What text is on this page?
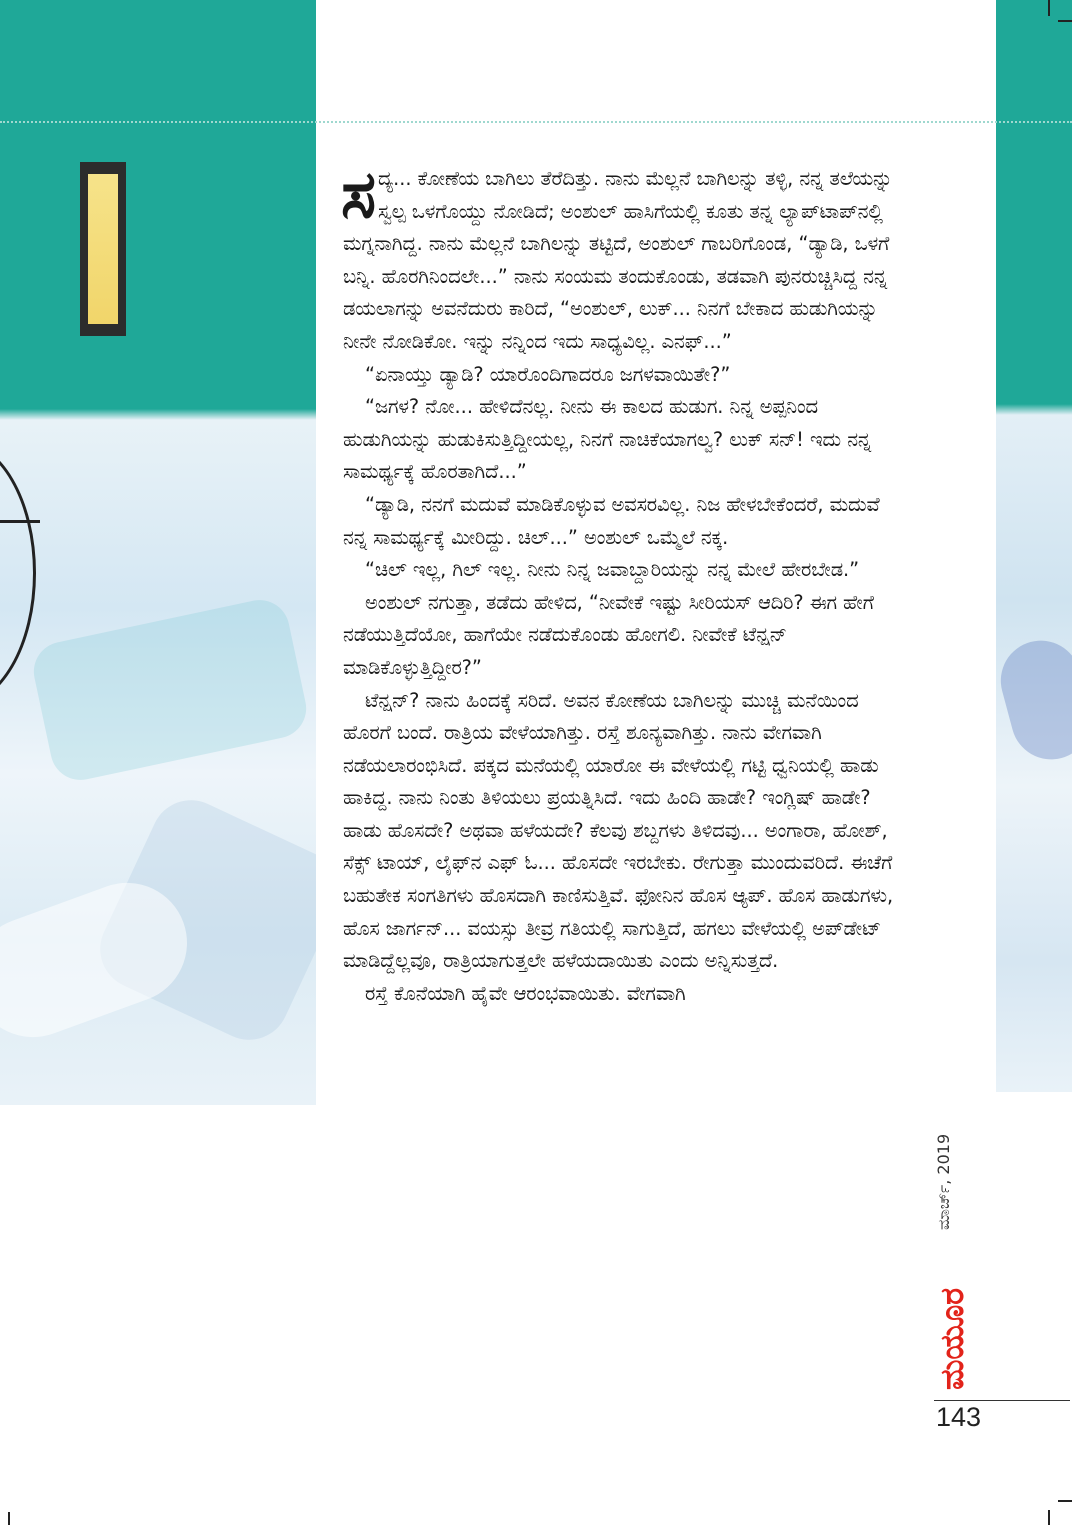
ಸದ್ಯ... ಕೋಣೆಯ ಬಾಗಿಲು ತೆರೆದಿತ್ತು. ನಾನು ಮೆಲ್ಲನೆ ಬಾಗಿಲನ್ನು ತಳ್ಳಿ, ನನ್ನ ತಲೆಯನ್ನು ಸ್ವಲ್ಪ ಒಳಗೊಯ್ದು ನೋಡಿದೆ; ಅಂಶುಲ್ ಹಾಸಿಗೆಯಲ್ಲಿ ಕೂತು ತನ್ನ ಲ್ಯಾಪ್‌ಟಾಪ್‌ನಲ್ಲಿ ಮಗ್ನನಾಗಿದ್ದ. ನಾನು ಮೆಲ್ಲನೆ ಬಾಗಿಲನ್ನು ತಟ್ಟಿದೆ, ಅಂಶುಲ್ ಗಾಬರಿಗೊಂಡ, “ಡ್ಯಾಡಿ, ಒಳಗೆ ಬನ್ನಿ. ಹೊರಗಿನಿಂದಲೇ...” ನಾನು ಸಂಯಮ ತಂದುಕೊಂಡು, ತಡವಾಗಿ ಪುನರುಚ್ಚಿಸಿದ್ದ ನನ್ನ ಡಯಲಾಗನ್ನು ಅವನೆದುರು ಕಾರಿದೆ, “ಅಂಶುಲ್, ಲುಕ್... ನಿನಗೆ ಬೇಕಾದ ಹುಡುಗಿಯನ್ನು ನೀನೇ ನೋಡಿಕೋ. ಇನ್ನು ನನ್ನಿಂದ ಇದು ಸಾಧ್ಯವಿಲ್ಲ. ಎನಫ್...”

“ಏನಾಯ್ತು ಡ್ಯಾಡಿ? ಯಾರೊಂದಿಗಾದರೂ ಜಗಳವಾಯಿತೇ?”

“ಜಗಳ? ನೋ... ಹೇಳಿದೆನಲ್ಲ. ನೀನು ಈ ಕಾಲದ ಹುಡುಗ. ನಿನ್ನ ಅಪ್ಪನಿಂದ ಹುಡುಗಿಯನ್ನು ಹುಡುಕಿಸುತ್ತಿದ್ದೀಯಲ್ಲ, ನಿನಗೆ ನಾಚಿಕೆಯಾಗಲ್ವ? ಲುಕ್ ಸನ್! ಇದು ನನ್ನ ಸಾಮರ್ಥ್ಯಕ್ಕೆ ಹೊರತಾಗಿದೆ...”

“ಡ್ಯಾಡಿ, ನನಗೆ ಮದುವೆ ಮಾಡಿಕೊಳ್ಳುವ ಅವಸರವಿಲ್ಲ. ನಿಜ ಹೇಳಬೇಕೆಂದರೆ, ಮದುವೆ ನನ್ನ ಸಾಮರ್ಥ್ಯಕ್ಕೆ ಮೀರಿದ್ದು. ಚಿಲ್...” ಅಂಶುಲ್ ಒಮ್ಮೆಲೆ ನಕ್ಕ.

“ಚಿಲ್ ಇಲ್ಲ, ಗಿಲ್ ಇಲ್ಲ. ನೀನು ನಿನ್ನ ಜವಾಬ್ದಾರಿಯನ್ನು ನನ್ನ ಮೇಲೆ ಹೇರಬೇಡ.”

ಅಂಶುಲ್ ನಗುತ್ತಾ, ತಡೆದು ಹೇಳಿದ, “ನೀವೇಕೆ ಇಷ್ಟು ಸೀರಿಯಸ್ ಆದಿರಿ? ಈಗ ಹೇಗೆ ನಡೆಯುತ್ತಿದೆಯೋ, ಹಾಗೆಯೇ ನಡೆದುಕೊಂಡು ಹೋಗಲಿ. ನೀವೇಕೆ ಟೆನ್ಷನ್ ಮಾಡಿಕೊಳ್ಳುತ್ತಿದ್ದೀರ?”

ಟೆನ್ಷನ್? ನಾನು ಹಿಂದಕ್ಕೆ ಸರಿದೆ. ಅವನ ಕೋಣೆಯ ಬಾಗಿಲನ್ನು ಮುಚ್ಚಿ ಮನೆಯಿಂದ ಹೊರಗೆ ಬಂದೆ. ರಾತ್ರಿಯ ವೇಳೆಯಾಗಿತ್ತು. ರಸ್ತೆ ಶೂನ್ಯವಾಗಿತ್ತು. ನಾನು ವೇಗವಾಗಿ ನಡೆಯಲಾರಂಭಿಸಿದೆ. ಪಕ್ಕದ ಮನೆಯಲ್ಲಿ ಯಾರೋ ಈ ವೇಳೆಯಲ್ಲಿ ಗಟ್ಟಿ ಧ್ವನಿಯಲ್ಲಿ ಹಾಡು ಹಾಕಿದ್ದ. ನಾನು ನಿಂತು ತಿಳಿಯಲು ಪ್ರಯತ್ನಿಸಿದೆ. ಇದು ಹಿಂದಿ ಹಾಡೇ? ಇಂಗ್ಲಿಷ್ ಹಾಡೇ? ಹಾಡು ಹೊಸದೇ? ಅಥವಾ ಹಳೆಯದೇ? ಕೆಲವು ಶಬ್ದಗಳು ತಿಳಿದವು... ಅಂಗಾರಾ, ಹೋಶ್, ಸೆಕ್ಸ್ ಟಾಯ್, ಲೈಫ್‌ನ ಎಫ್ ಓ... ಹೊಸದೇ ಇರಬೇಕು. ರೇಗುತ್ತಾ ಮುಂದುವರಿದೆ. ಈಚೆಗೆ ಬಹುತೇಕ ಸಂಗತಿಗಳು ಹೊಸದಾಗಿ ಕಾಣಿಸುತ್ತಿವೆ. ಫೋನಿನ ಹೊಸ ಆ್ಯಪ್. ಹೊಸ ಹಾಡುಗಳು, ಹೊಸ ಜಾರ್ಗನ್... ವಯಸ್ಸು ತೀವ್ರ ಗತಿಯಲ್ಲಿ ಸಾಗುತ್ತಿದೆ, ಹಗಲು ವೇಳೆಯಲ್ಲಿ ಅಪ್‌ಡೇಟ್ ಮಾಡಿದ್ದೆಲ್ಲವೂ, ರಾತ್ರಿಯಾಗುತ್ತಲೇ ಹಳೆಯದಾಯಿತು ಎಂದು ಅನ್ನಿಸುತ್ತದೆ.

ರಸ್ತೆ ಕೊನೆಯಾಗಿ ಹೈವೇ ಆರಂಭವಾಯಿತು. ವೇಗವಾಗಿ

ಮಾರ್ಚ್, 2019
ಮಯೂರ
143
